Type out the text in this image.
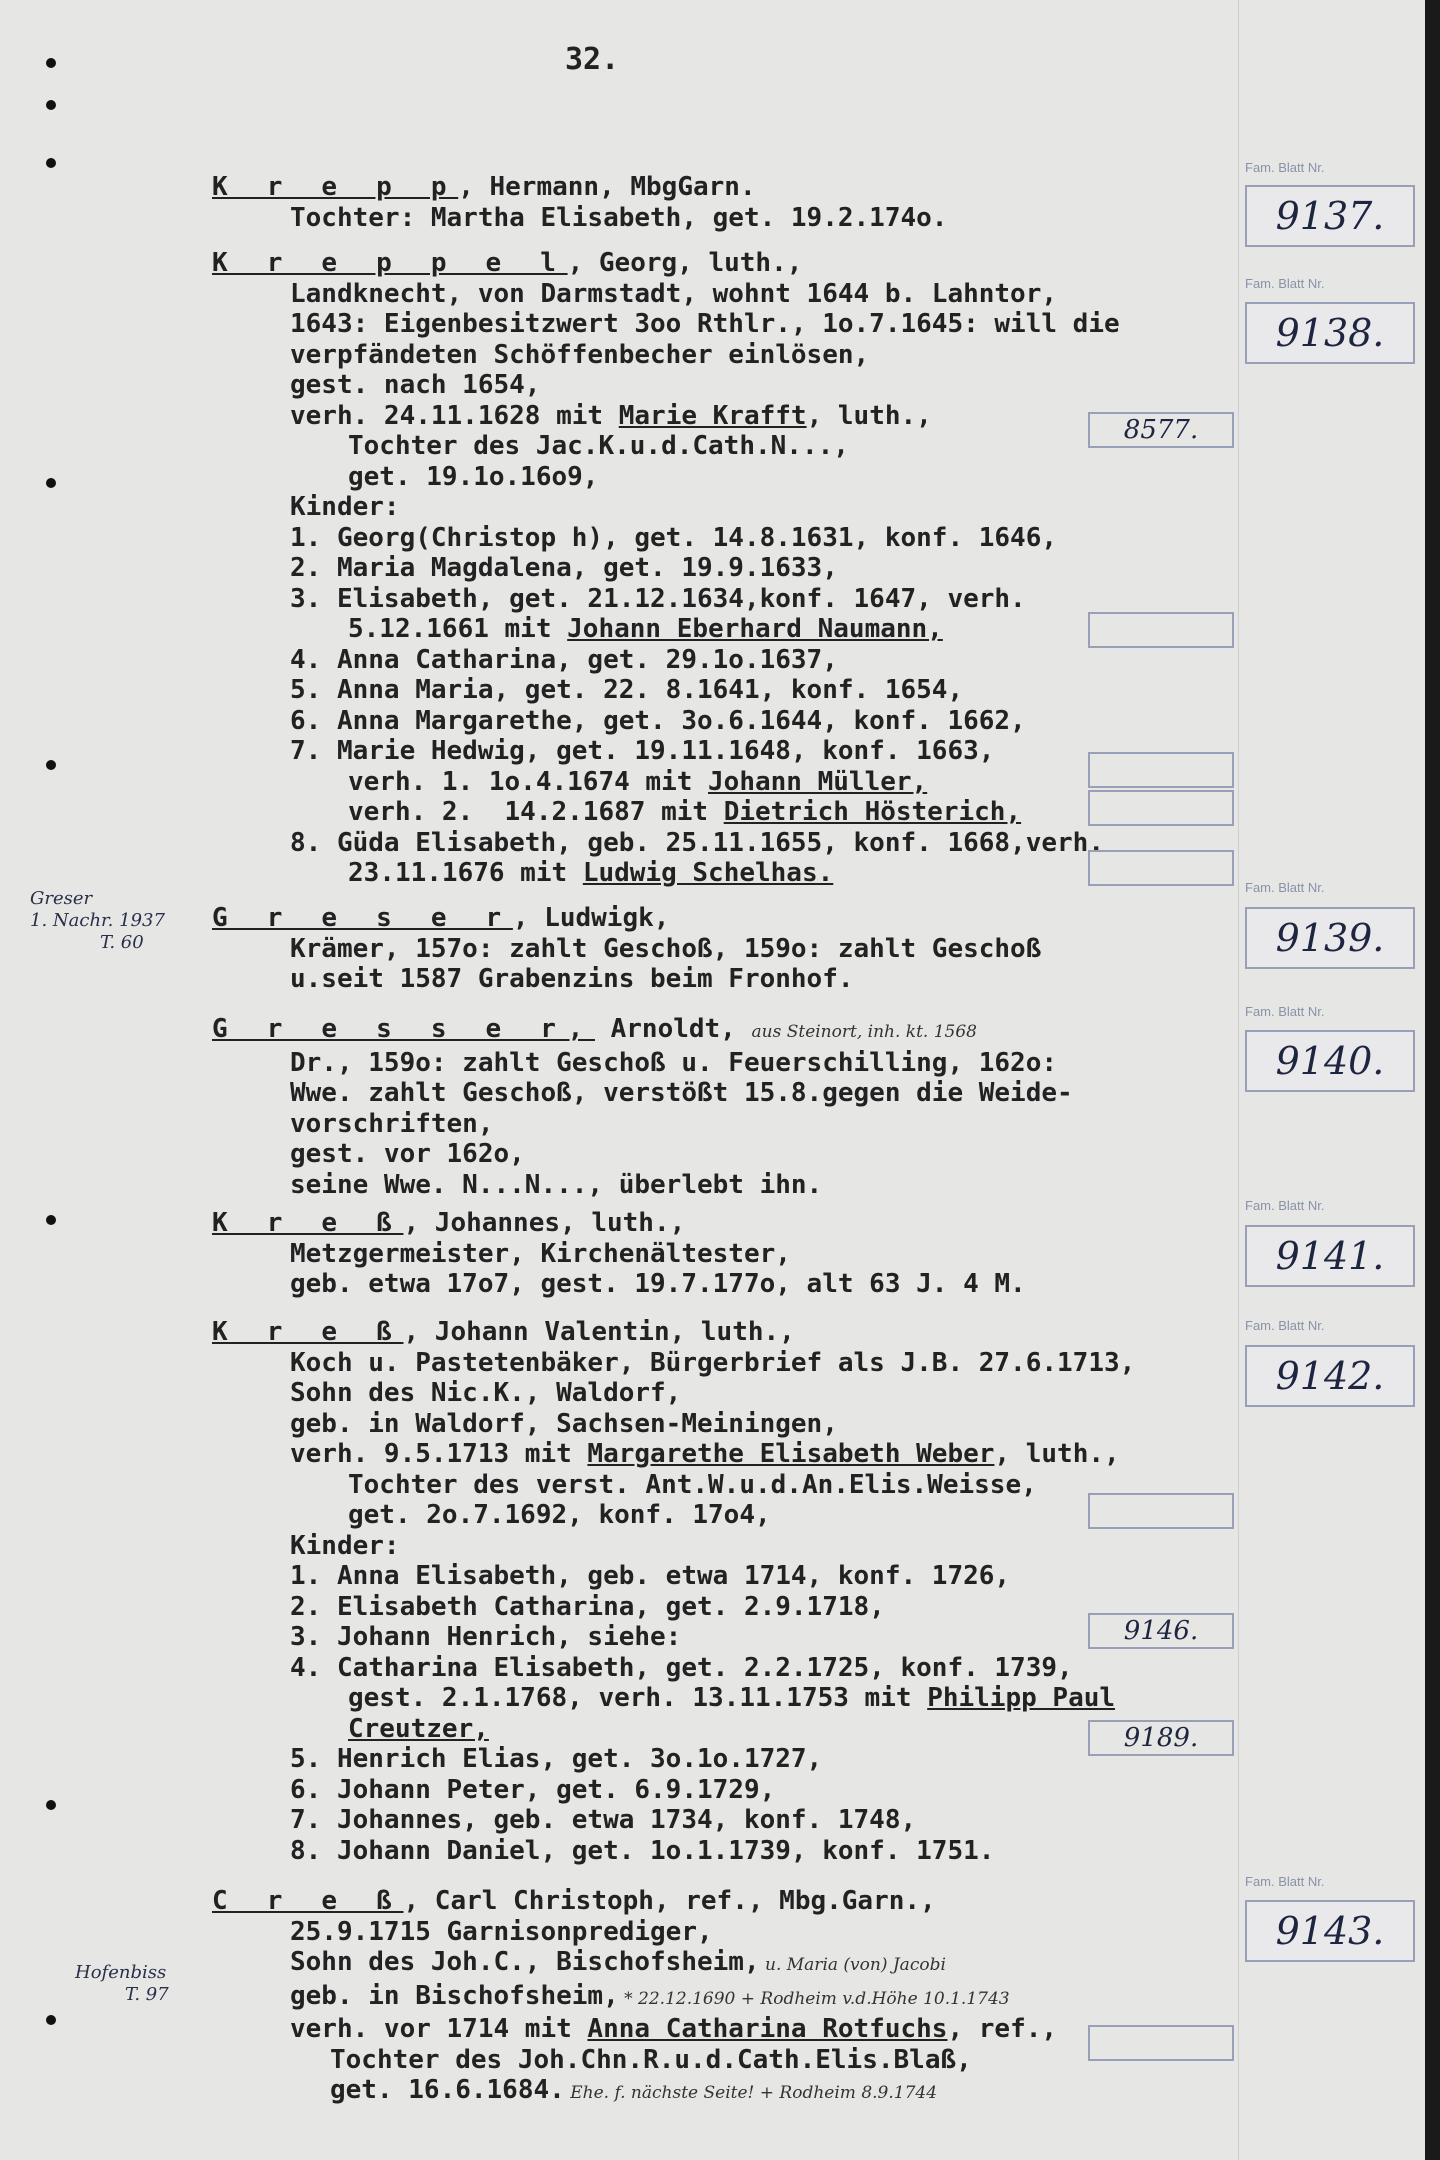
32.
K r e p p, Hermann, MbgGarn.
Tochter: Martha Elisabeth, get. 19.2.174o.
K r e p p e l, Georg, luth.,
Landknecht, von Darmstadt, wohnt 1644 b. Lahntor,
1643: Eigenbesitzwert 3oo Rthlr., 1o.7.1645: will die
verpfändeten Schöffenbecher einlösen,
gest. nach 1654,
verh. 24.11.1628 mit Marie Krafft, luth.,
Tochter des Jac.K.u.d.Cath.N...,
get. 19.1o.16o9,
Kinder:
1. Georg(Christop h), get. 14.8.1631, konf. 1646,
2. Maria Magdalena, get. 19.9.1633,
3. Elisabeth, get. 21.12.1634,konf. 1647, verh.
5.12.1661 mit Johann Eberhard Naumann,
4. Anna Catharina, get. 29.1o.1637,
5. Anna Maria, get. 22. 8.1641, konf. 1654,
6. Anna Margarethe, get. 3o.6.1644, konf. 1662,
7. Marie Hedwig, get. 19.11.1648, konf. 1663,
verh. 1. 1o.4.1674 mit Johann Müller,
verh. 2.  14.2.1687 mit Dietrich Hösterich,
8. Güda Elisabeth, geb. 25.11.1655, konf. 1668,verh.
23.11.1676 mit Ludwig Schelhas.
G r e s e r, Ludwigk,
Krämer, 157o: zahlt Geschoß, 159o: zahlt Geschoß
u.seit 1587 Grabenzins beim Fronhof.
G r e s s e r, Arnoldt, aus Steinort, inh. kt. 1568
Dr., 159o: zahlt Geschoß u. Feuerschilling, 162o:
Wwe. zahlt Geschoß, verstößt 15.8.gegen die Weide-
vorschriften,
gest. vor 162o,
seine Wwe. N...N..., überlebt ihn.
K r e ß, Johannes, luth.,
Metzgermeister, Kirchenältester,
geb. etwa 17o7, gest. 19.7.177o, alt 63 J. 4 M.
K r e ß, Johann Valentin, luth.,
Koch u. Pastetenbäker, Bürgerbrief als J.B. 27.6.1713,
Sohn des Nic.K., Waldorf,
geb. in Waldorf, Sachsen-Meiningen,
verh. 9.5.1713 mit Margarethe Elisabeth Weber, luth.,
Tochter des verst. Ant.W.u.d.An.Elis.Weisse,
get. 2o.7.1692, konf. 17o4,
Kinder:
1. Anna Elisabeth, geb. etwa 1714, konf. 1726,
2. Elisabeth Catharina, get. 2.9.1718,
3. Johann Henrich, siehe:
4. Catharina Elisabeth, get. 2.2.1725, konf. 1739,
gest. 2.1.1768, verh. 13.11.1753 mit Philipp Paul
Creutzer,
5. Henrich Elias, get. 3o.1o.1727,
6. Johann Peter, get. 6.9.1729,
7. Johannes, geb. etwa 1734, konf. 1748,
8. Johann Daniel, get. 1o.1.1739, konf. 1751.
C r e ß, Carl Christoph, ref., Mbg.Garn.,
25.9.1715 Garnisonprediger,
Sohn des Joh.C., Bischofsheim, u. Maria (von) Jacobi
geb. in Bischofsheim, * 22.12.1690 + Rodheim v.d.Höhe 10.1.1743
verh. vor 1714 mit Anna Catharina Rotfuchs, ref.,
Tochter des Joh.Chn.R.u.d.Cath.Elis.Blaß,
get. 16.6.1684. Ehe. f. nächste Seite! + Rodheim 8.9.1744
Fam. Blatt Nr.
9137.
Fam. Blatt Nr.
9138.
Fam. Blatt Nr.
9139.
Fam. Blatt Nr.
9140.
Fam. Blatt Nr.
9141.
Fam. Blatt Nr.
9142.
Fam. Blatt Nr.
9143.
8577.
9146.
9189.
Greser
1. Nachr. 1937
T. 60
Hofenbiss
T. 97
